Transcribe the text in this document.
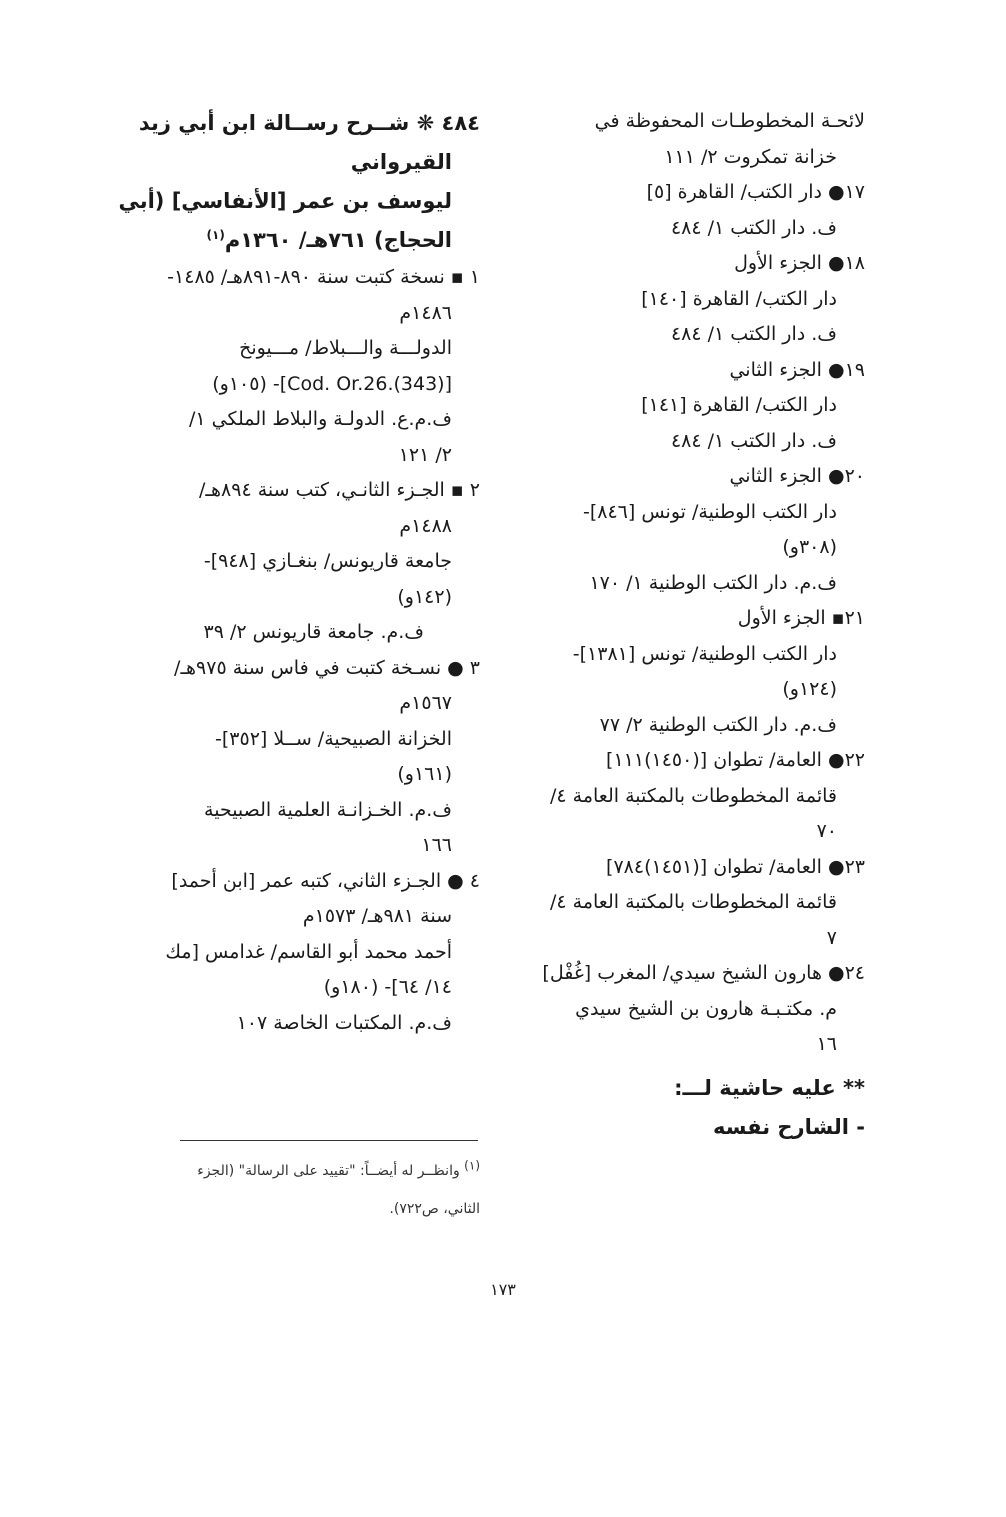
٤٨٤ ❋ شــرح رســالة ابن أبي زيد
القيرواني
ليوسف بن عمر [الأنفاسي] (أبي
الحجاج) ٧٦١هـ/ ١٣٦٠م$^{(١)}$
١ ▪ نسخة كتبت سنة ٨٩٠-٨٩١هـ/ ١٤٨٥-
١٤٨٦م
الدولـــة والـــبلاط/ مـــيونخ
[Cod. Or.26.(343)]- (١٠٥و)
ف.م.ع. الدولـة والبلاط الملكي ١/
٢/ ١٢١
٢ ▪ الجـزء الثانـي، كتب سنة ٨٩٤هـ/
١٤٨٨م
جامعة قاريونس/ بنغـازي [٩٤٨]-
(١٤٢و)
ف.م. جامعة قاريونس ٢/ ٣٩
٣ ● نسـخة كتبت في فاس سنة ٩٧٥هـ/
١٥٦٧م
الخزانة الصبيحية/ ســلا [٣٥٢]-
(١٦١و)
ف.م. الخـزانـة العلمية الصبيحية
١٦٦
٤ ● الجـزء الثاني، كتبه عمر [ابن أحمد]
سنة ٩٨١هـ/ ١٥٧٣م
أحمد محمد أبو القاسم/ غدامس [مك
١٤/ ٦٤]- (١٨٠و)
ف.م. المكتبات الخاصة ١٠٧
لائحـة المخطوطـات المحفوظة في
خزانة تمكروت ٢/ ١١١
١٧● دار الكتب/ القاهرة [٥]
ف. دار الكتب ١/ ٤٨٤
١٨● الجزء الأول
دار الكتب/ القاهرة [١٤٠]
ف. دار الكتب ١/ ٤٨٤
١٩● الجزء الثاني
دار الكتب/ القاهرة [١٤١]
ف. دار الكتب ١/ ٤٨٤
٢٠● الجزء الثاني
دار الكتب الوطنية/ تونس [٨٤٦]-
(٣٠٨و)
ف.م. دار الكتب الوطنية ١/ ١٧٠
٢١▪ الجزء الأول
دار الكتب الوطنية/ تونس [١٣٨١]-
(١٢٤و)
ف.م. دار الكتب الوطنية ٢/ ٧٧
٢٢● العامة/ تطوان [(١٤٥٠)١١١]
قائمة المخطوطات بالمكتبة العامة ٤/
٧٠
٢٣● العامة/ تطوان [(١٤٥١)٧٨٤]
قائمة المخطوطات بالمكتبة العامة ٤/
٧
٢٤● هارون الشيخ سيدي/ المغرب [غُفْل]
م. مكتـبـة هارون بن الشيخ سيدي
١٦
** عليه حاشية لـــ:
- الشارح نفسه
(١) وانظــر له أيضــاً: "تقييد على الرسالة" (الجزء
الثاني، ص٧٢٢).
١٧٣
